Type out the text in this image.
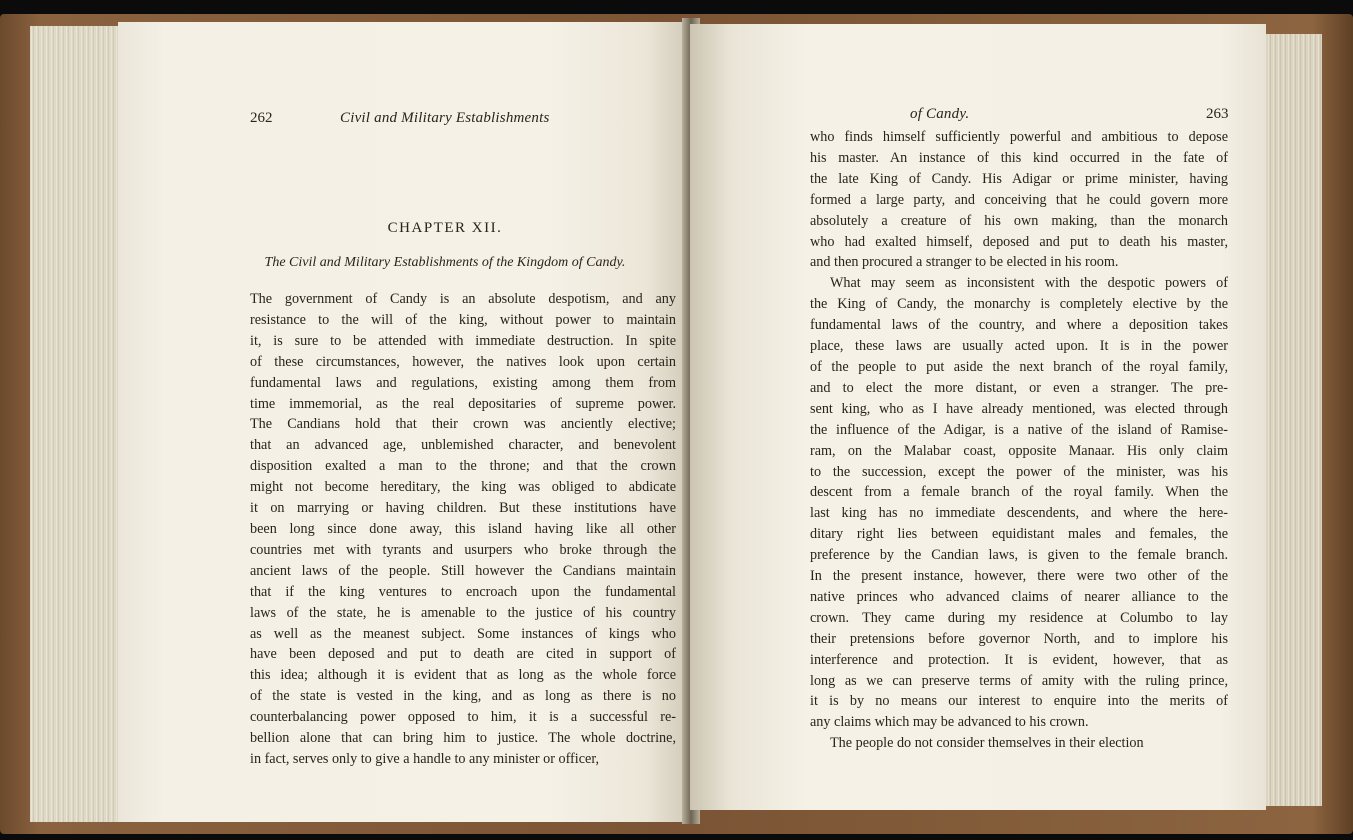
262	Civil and Military Establishments
CHAPTER XII.
The Civil and Military Establishments of the Kingdom of Candy.

The government of Candy is an absolute despotism, and any

resistance to the will of the king, without power to maintain

it, is sure to be attended with immediate destruction. In spite

of these circumstances, however, the natives look upon certain

fundamental laws and regulations, existing among them from

time immemorial, as the real depositaries of supreme power.

The Candians hold that their crown was anciently elective;

that an advanced age, unblemished character, and benevolent

disposition exalted a man to the throne; and that the crown

might not become hereditary, the king was obliged to abdicate

it on marrying or having children. But these institutions have

been long since done away, this island having like all other

countries met with tyrants and usurpers who broke through the

ancient laws of the people. Still however the Candians maintain

that if the king ventures to encroach upon the fundamental

laws of the state, he is amenable to the justice of his country

as well as the meanest subject. Some instances of kings who

have been deposed and put to death are cited in support of

this idea; although it is evident that as long as the whole force

of the state is vested in the king, and as long as there is no

counterbalancing power opposed to him, it is a successful re-

bellion alone that can bring him to justice. The whole doctrine,

in fact, serves only to give a handle to any minister or officer,

263
of Candy.

who finds himself sufficiently powerful and ambitious to depose

his master. An instance of this kind occurred in the fate of

the late King of Candy. His Adigar or prime minister, having

formed a large party, and conceiving that he could govern more

absolutely a creature of his own making, than the monarch

who had exalted himself, deposed and put to death his master,

and then procured a stranger to be elected in his room.

What may seem as inconsistent with the despotic powers of

the King of Candy, the monarchy is completely elective by the

fundamental laws of the country, and where a deposition takes

place, these laws are usually acted upon. It is in the power

of the people to put aside the next branch of the royal family,

and to elect the more distant, or even a stranger. The pre-

sent king, who as I have already mentioned, was elected through

the influence of the Adigar, is a native of the island of Ramise-

ram, on the Malabar coast, opposite Manaar. His only claim

to the succession, except the power of the minister, was his

descent from a female branch of the royal family. When the

last king has no immediate descendents, and where the here-

ditary right lies between equidistant males and females, the

preference by the Candian laws, is given to the female branch.

In the present instance, however, there were two other of the

native princes who advanced claims of nearer alliance to the

crown. They came during my residence at Columbo to lay

their pretensions before governor North, and to implore his

interference and protection. It is evident, however, that as

long as we can preserve terms of amity with the ruling prince,

it is by no means our interest to enquire into the merits of

any claims which may be advanced to his crown.

The people do not consider themselves in their election
